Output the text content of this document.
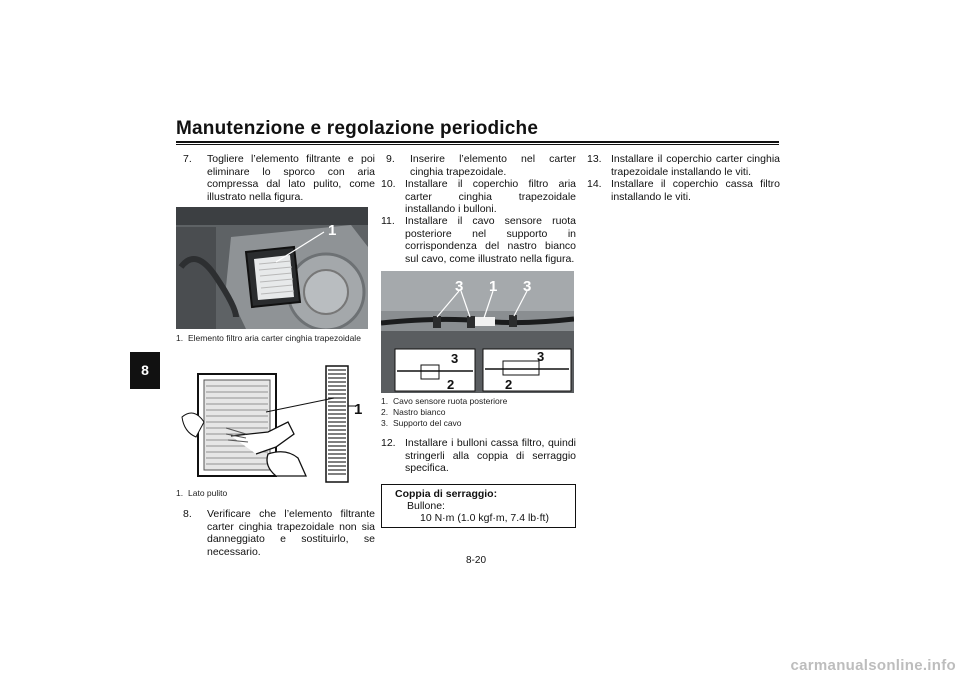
Manutenzione e regolazione periodiche
8
7. Togliere l’elemento filtrante e poi eliminare lo sporco con aria compressa dal lato pulito, come illustrato nella figura.
1
1. Elemento filtro aria carter cinghia trapezoidale
1
1. Lato pulito
8. Verificare che l’elemento filtrante carter cinghia trapezoidale non sia danneggiato e sostituirlo, se necessario.
9. Inserire l’elemento nel carter cinghia trapezoidale.
10. Installare il coperchio filtro aria carter cinghia trapezoidale installando i bulloni.
11. Installare il cavo sensore ruota posteriore nel supporto in corrispondenza del nastro bianco sul cavo, come illustrato nella figura.
3 1 3
3
2
3
2
1. Cavo sensore ruota posteriore
2. Nastro bianco
3. Supporto del cavo
12. Installare i bulloni cassa filtro, quindi stringerli alla coppia di serraggio specifica.
Coppia di serraggio:
Bullone:
10 N·m (1.0 kgf·m, 7.4 lb·ft)
13. Installare il coperchio carter cinghia trapezoidale installando le viti.
14. Installare il coperchio cassa filtro installando le viti.
8-20
carmanualsonline.info
